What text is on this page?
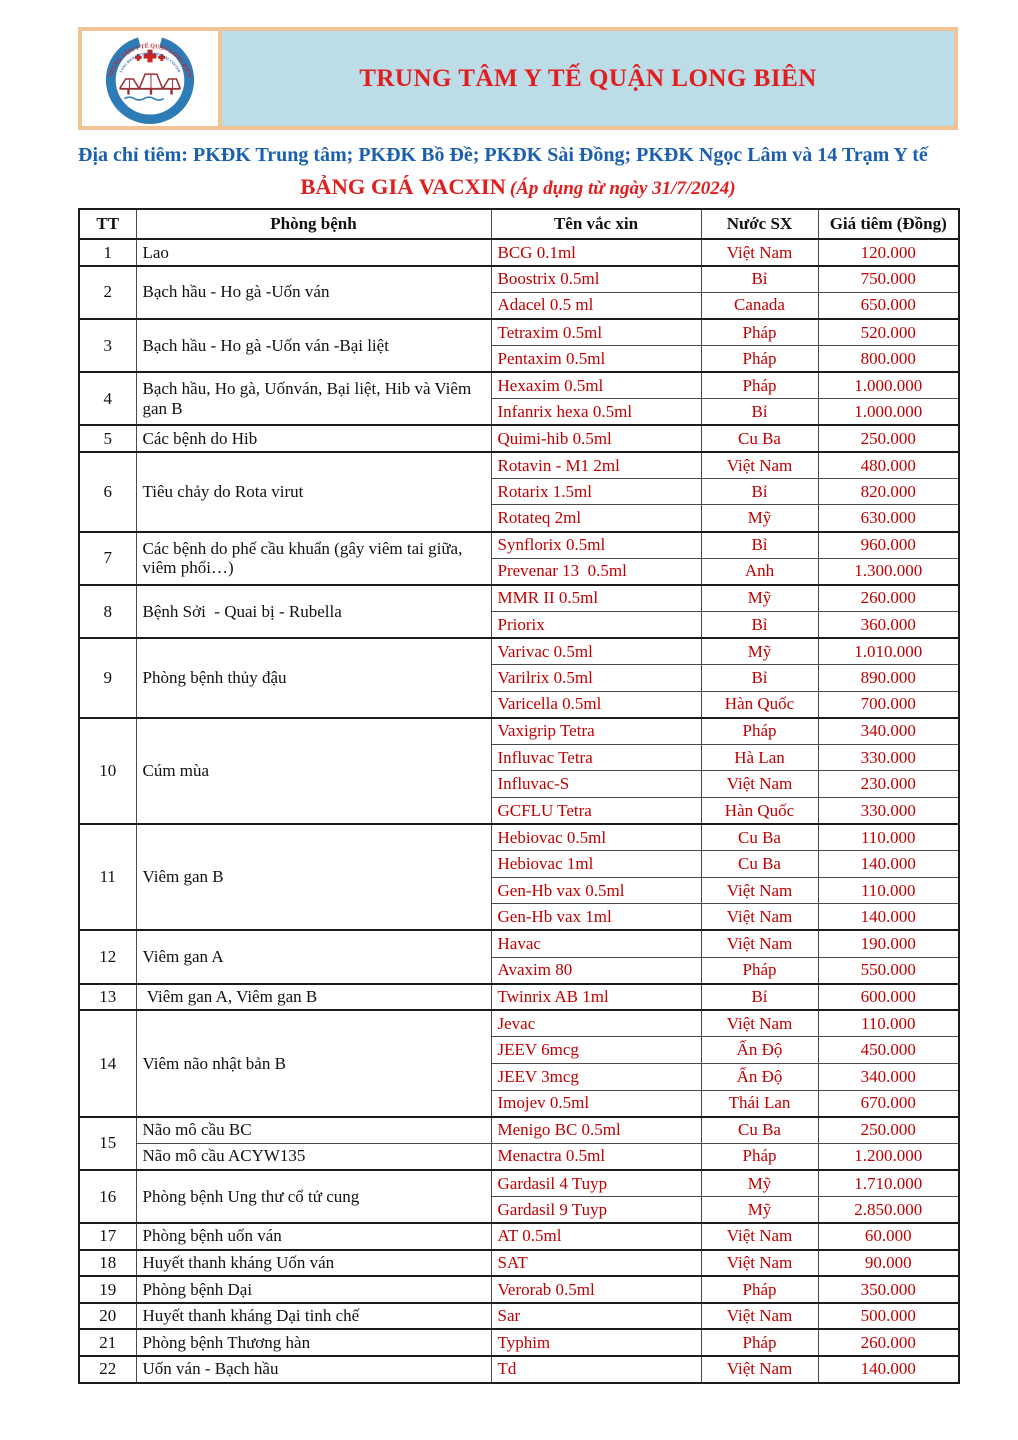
TRUNG TÂM Y TẾ QUẬN LONG BIÊN
LONG BIEN DISTRICT MEDICAL CENTER	TRUNG TÂM Y TẾ QUẬN LONG BIÊN
Địa chỉ tiêm: PKĐK Trung tâm; PKĐK Bồ Đề; PKĐK Sài Đồng; PKĐK Ngọc Lâm và 14 Trạm Y tế
BẢNG GIÁ VACXIN (Áp dụng từ ngày 31/7/2024)
TT	Phòng bệnh	Tên vắc xin	Nước SX	Giá tiêm (Đồng)
1	Lao	BCG 0.1ml	Việt Nam	120.000
2	Bạch hầu - Ho gà -Uốn ván	Boostrix 0.5ml	Bỉ	750.000
		Adacel 0.5 ml	Canada	650.000
3	Bạch hầu - Ho gà -Uốn ván -Bại liệt	Tetraxim 0.5ml	Pháp	520.000
		Pentaxim 0.5ml	Pháp	800.000
4	Bạch hầu, Ho gà, Uốnván, Bại liệt, Hib và Viêm gan B	Hexaxim 0.5ml	Pháp	1.000.000
		Infanrix hexa 0.5ml	Bỉ	1.000.000
5	Các bệnh do Hib	Quimi-hib 0.5ml	Cu Ba	250.000
6	Tiêu chảy do Rota virut	Rotavin - M1 2ml	Việt Nam	480.000
		Rotarix 1.5ml	Bỉ	820.000
		Rotateq 2ml	Mỹ	630.000
7	Các bệnh do phế cầu khuẩn (gây viêm tai giữa, viêm phổi…)	Synflorix 0.5ml	Bỉ	960.000
		Prevenar 13  0.5ml	Anh	1.300.000
8	Bệnh Sởi  - Quai bị - Rubella	MMR II 0.5ml	Mỹ	260.000
		Priorix	Bỉ	360.000
9	Phòng bệnh thủy đậu	Varivac 0.5ml	Mỹ	1.010.000
		Varilrix 0.5ml	Bỉ	890.000
		Varicella 0.5ml	Hàn Quốc	700.000
10	Cúm mùa	Vaxigrip Tetra	Pháp	340.000
		Influvac Tetra	Hà Lan	330.000
		Influvac-S	Việt Nam	230.000
		GCFLU Tetra	Hàn Quốc	330.000
11	Viêm gan B	Hebiovac 0.5ml	Cu Ba	110.000
		Hebiovac 1ml	Cu Ba	140.000
		Gen-Hb vax 0.5ml	Việt Nam	110.000
		Gen-Hb vax 1ml	Việt Nam	140.000
12	Viêm gan A	Havac	Việt Nam	190.000
		Avaxim 80	Pháp	550.000
13	Viêm gan A, Viêm gan B	Twinrix AB 1ml	Bỉ	600.000
14	Viêm não nhật bản B	Jevac	Việt Nam	110.000
		JEEV 6mcg	Ấn Độ	450.000
		JEEV 3mcg	Ấn Độ	340.000
		Imojev 0.5ml	Thái Lan	670.000
15	Não mô cầu BC	Menigo BC 0.5ml	Cu Ba	250.000
	Não mô cầu ACYW135	Menactra 0.5ml	Pháp	1.200.000
16	Phòng bệnh Ung thư cổ tử cung	Gardasil 4 Tuyp	Mỹ	1.710.000
		Gardasil 9 Tuyp	Mỹ	2.850.000
17	Phòng bệnh uốn ván	AT 0.5ml	Việt Nam	60.000
18	Huyết thanh kháng Uốn ván	SAT	Việt Nam	90.000
19	Phòng bệnh Dại	Verorab 0.5ml	Pháp	350.000
20	Huyết thanh kháng Dại tinh chế	Sar	Việt Nam	500.000
21	Phòng bệnh Thương hàn	Typhim	Pháp	260.000
22	Uốn ván - Bạch hầu	Td	Việt Nam	140.000
